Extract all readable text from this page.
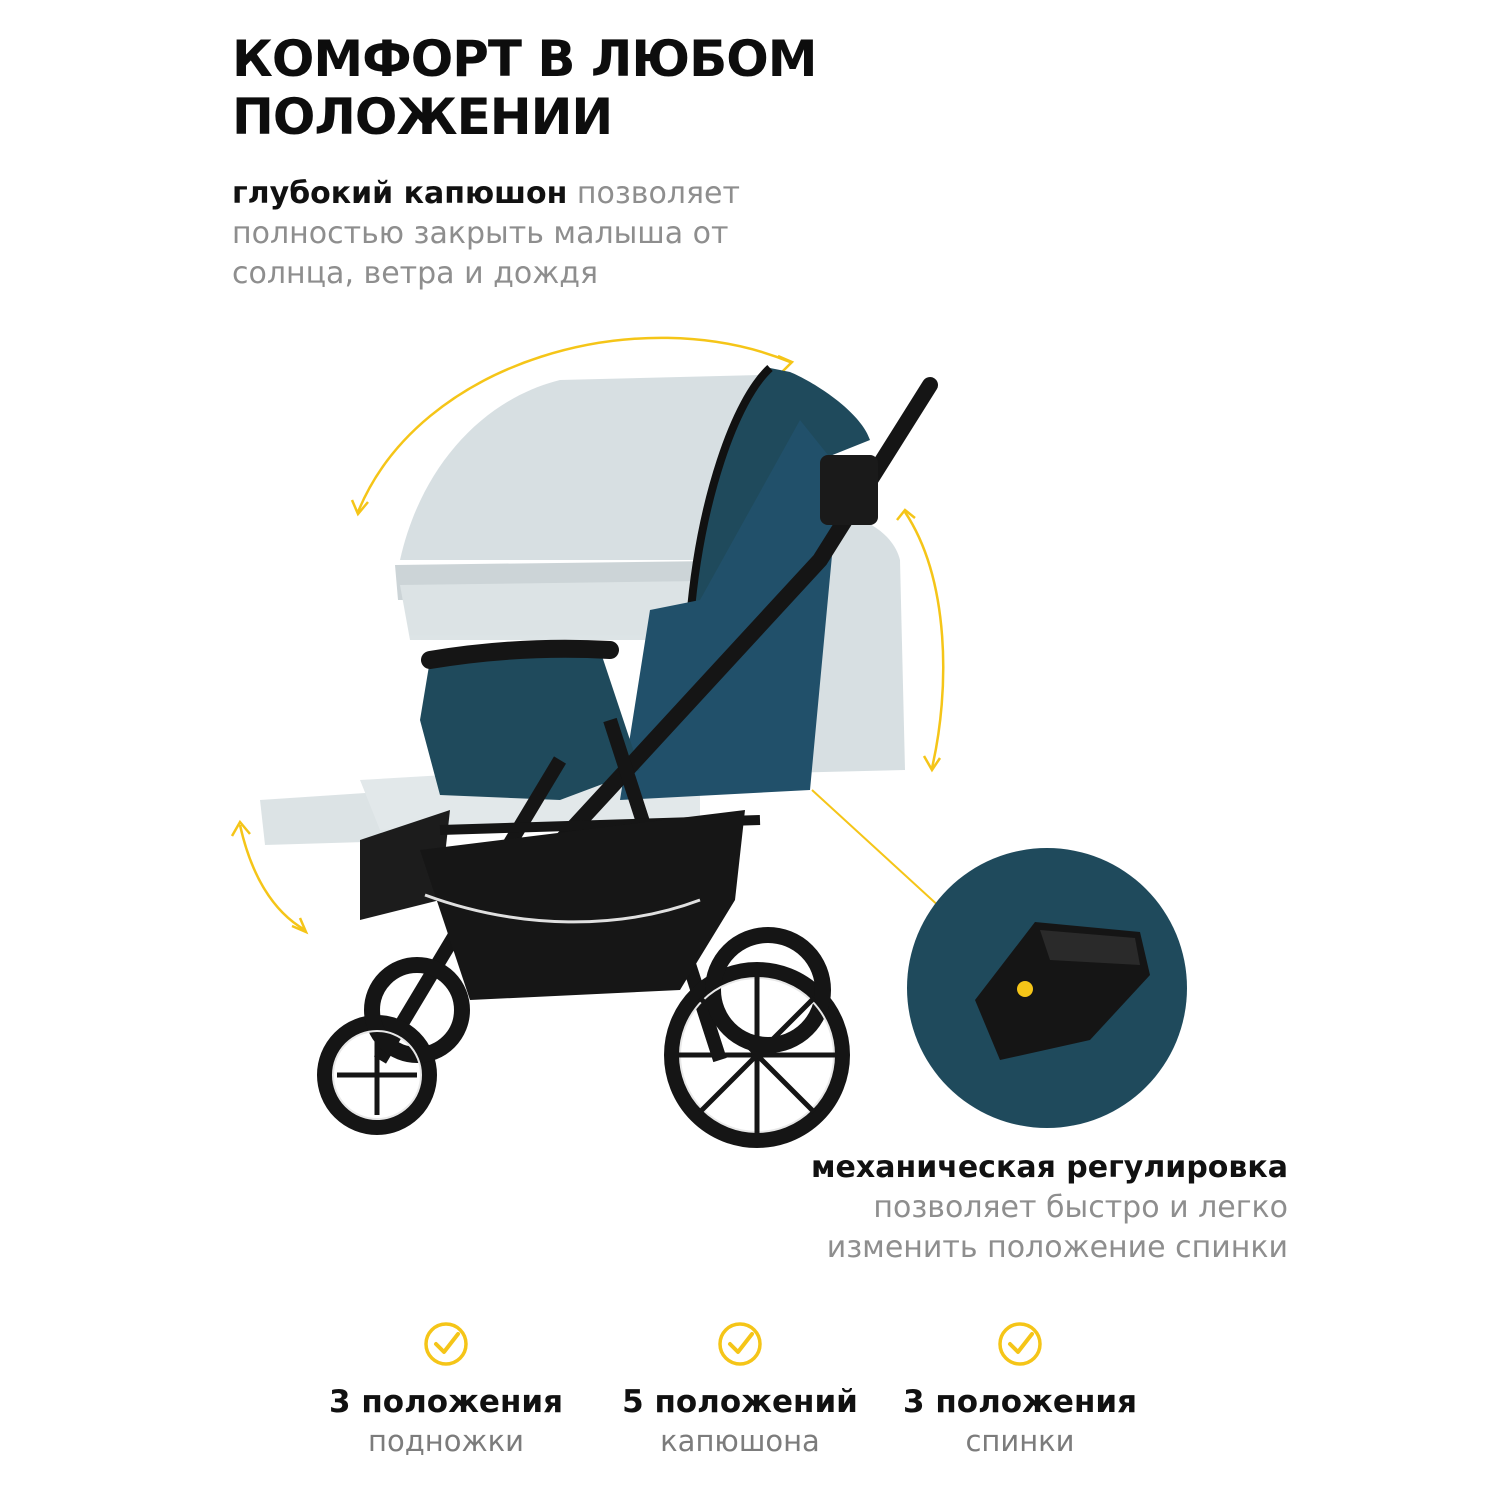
КОМФОРТ В ЛЮБОМ
ПОЛОЖЕНИИ
глубокий капюшон позволяет полностью закрыть малыша от солнца, ветра и дождя
механическая регулировка
позволяет быстро и легко
изменить положение спинки
3 положения
подножки
5 положений
капюшона
3 положения
спинки
